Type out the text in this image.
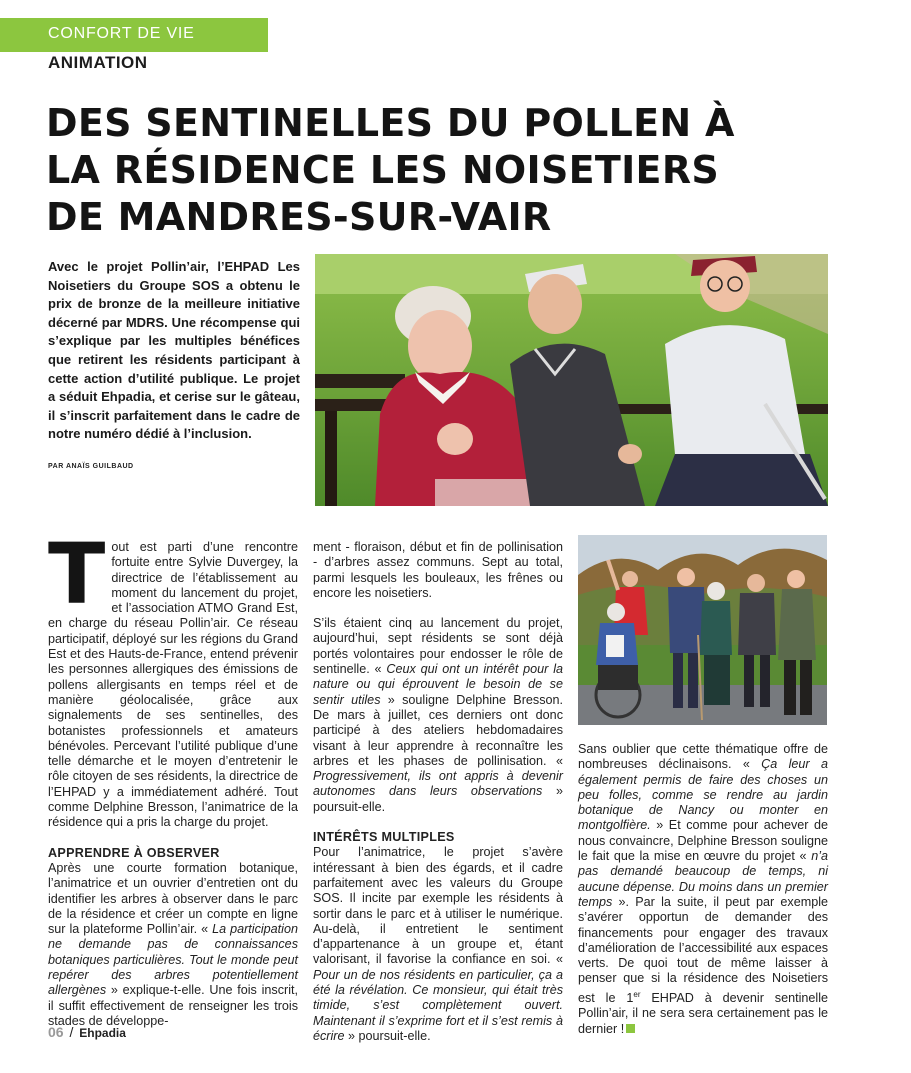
CONFORT DE VIE
ANIMATION
DES SENTINELLES DU POLLEN À
LA RÉSIDENCE LES NOISETIERS
DE MANDRES-SUR-VAIR
Avec le projet Pollin’air, l’EHPAD Les Noisetiers du Groupe SOS a obtenu le prix de bronze de la meilleure initiative décerné par MDRS. Une récompense qui s’explique par les multiples bénéfices que retirent les résidents participant à cette action d’utilité publique. Le projet a séduit Ehpadia, et cerise sur le gâteau, il s’inscrit parfaitement dans le cadre de notre numéro dédié à l’inclusion.
PAR ANAÏS GUILBAUD

Tout est parti d’une rencontre fortuite entre Sylvie Duvergey, la directrice de l’établissement au moment du lancement du projet, et l’association ATMO Grand Est, en charge du réseau Pollin’air. Ce réseau participatif, déployé sur les régions du Grand Est et des Hauts-de-France, entend prévenir les personnes allergiques des émissions de pollens allergisants en temps réel et de manière géolocalisée, grâce aux signalements de ses sentinelles, des botanistes professionnels et amateurs bénévoles. Percevant l’utilité publique d’une telle démarche et le moyen d’entretenir le rôle citoyen de ses résidents, la directrice de l’EHPAD y a immédiatement adhéré. Tout comme Delphine Bresson, l’animatrice de la résidence qui a pris la charge du projet.

APPRENDRE À OBSERVER

Après une courte formation botanique, l’animatrice et un ouvrier d’entretien ont du identifier les arbres à observer dans le parc de la résidence et créer un compte en ligne sur la plateforme Pollin’air. « La participation ne demande pas de connaissances botaniques particulières. Tout le monde peut repérer des arbres potentiellement allergènes » explique-t-elle. Une fois inscrit, il suffit effectivement de renseigner les trois stades de développe-

ment - floraison, début et fin de pollinisation - d’arbres assez communs. Sept au total, parmi lesquels les bouleaux, les frênes ou encore les noisetiers.

S’ils étaient cinq au lancement du projet, aujourd’hui, sept résidents se sont déjà portés volontaires pour endosser le rôle de sentinelle. « Ceux qui ont un intérêt pour la nature ou qui éprouvent le besoin de se sentir utiles » souligne Delphine Bresson. De mars à juillet, ces derniers ont donc participé à des ateliers hebdomadaires visant à leur apprendre à reconnaître les arbres et les phases de pollinisation. « Progressivement, ils ont appris à devenir autonomes dans leurs observations » poursuit-elle.

INTÉRÊTS MULTIPLES

Pour l’animatrice, le projet s’avère intéressant à bien des égards, et il cadre parfaitement avec les valeurs du Groupe SOS. Il incite par exemple les résidents à sortir dans le parc et à utiliser le numérique. Au-delà, il entretient le sentiment d’appartenance à un groupe et, étant valorisant, il favorise la confiance en soi. « Pour un de nos résidents en particulier, ça a été la révélation. Ce monsieur, qui était très timide, s’est complètement ouvert. Maintenant il s’exprime fort et il s’est remis à écrire » poursuit-elle.

Sans oublier que cette thématique offre de nombreuses déclinaisons. « Ça leur a également permis de faire des choses un peu folles, comme se rendre au jardin botanique de Nancy ou monter en montgolfière. » Et comme pour achever de nous convaincre, Delphine Bresson souligne le fait que la mise en œuvre du projet « n’a pas demandé beaucoup de temps, ni aucune dépense. Du moins dans un premier temps ». Par la suite, il peut par exemple s’avérer opportun de demander des financements pour engager des travaux d’amélioration de l’accessibilité aux espaces verts. De quoi tout de même laisser à penser que si la résidence des Noisetiers est le 1er EHPAD à devenir sentinelle Pollin’air, il ne sera sera certainement pas le dernier !

06 / Ehpadia
